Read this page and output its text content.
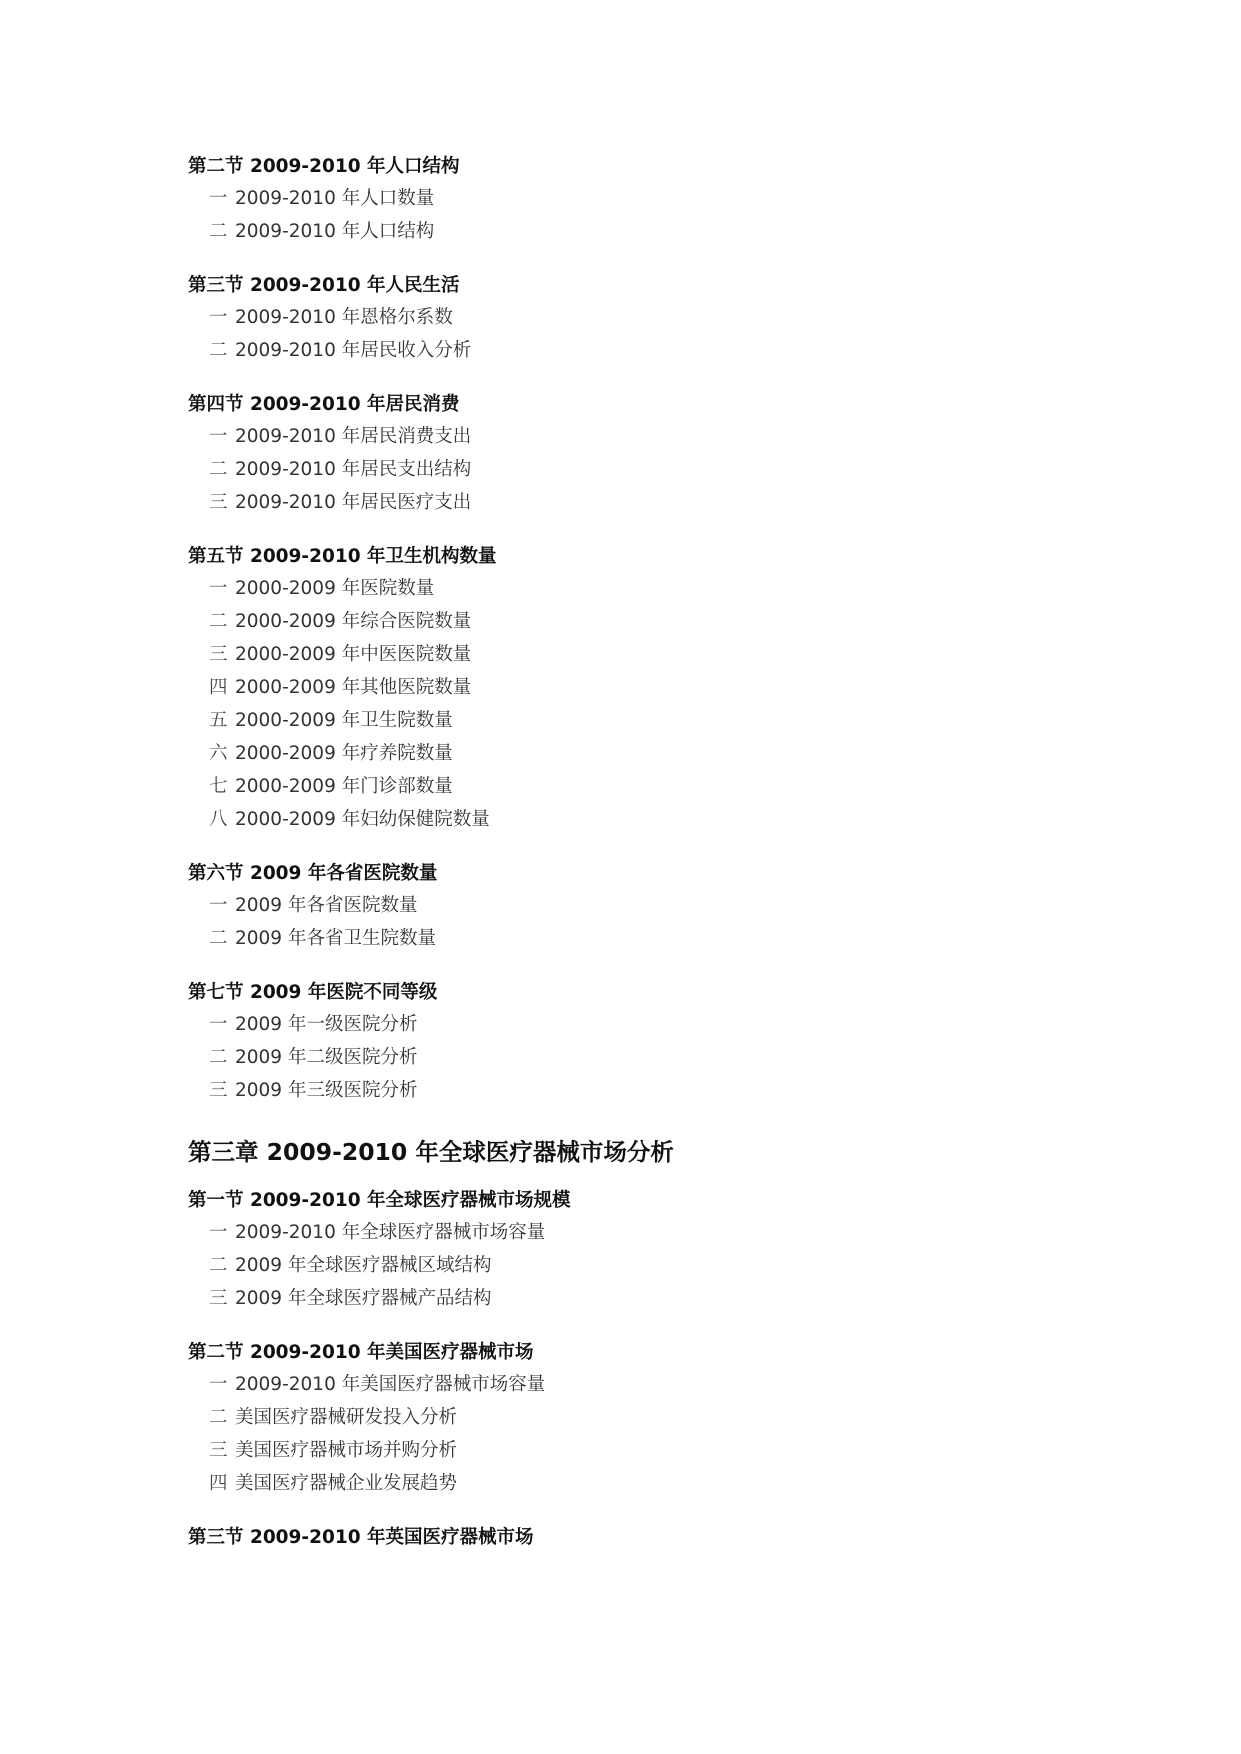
第二节 2009-2010 年人口结构
一 2009-2010 年人口数量
二 2009-2010 年人口结构
第三节 2009-2010 年人民生活
一 2009-2010 年恩格尔系数
二 2009-2010 年居民收入分析
第四节 2009-2010 年居民消费
一 2009-2010 年居民消费支出
二 2009-2010 年居民支出结构
三 2009-2010 年居民医疗支出
第五节 2009-2010 年卫生机构数量
一 2000-2009 年医院数量
二 2000-2009 年综合医院数量
三 2000-2009 年中医医院数量
四 2000-2009 年其他医院数量
五 2000-2009 年卫生院数量
六 2000-2009 年疗养院数量
七 2000-2009 年门诊部数量
八 2000-2009 年妇幼保健院数量
第六节 2009 年各省医院数量
一 2009 年各省医院数量
二 2009 年各省卫生院数量
第七节 2009 年医院不同等级
一 2009 年一级医院分析
二 2009 年二级医院分析
三 2009 年三级医院分析
第三章 2009-2010 年全球医疗器械市场分析
第一节 2009-2010 年全球医疗器械市场规模
一 2009-2010 年全球医疗器械市场容量
二 2009 年全球医疗器械区域结构
三 2009 年全球医疗器械产品结构
第二节 2009-2010 年美国医疗器械市场
一 2009-2010 年美国医疗器械市场容量
二 美国医疗器械研发投入分析
三 美国医疗器械市场并购分析
四 美国医疗器械企业发展趋势
第三节 2009-2010 年英国医疗器械市场
